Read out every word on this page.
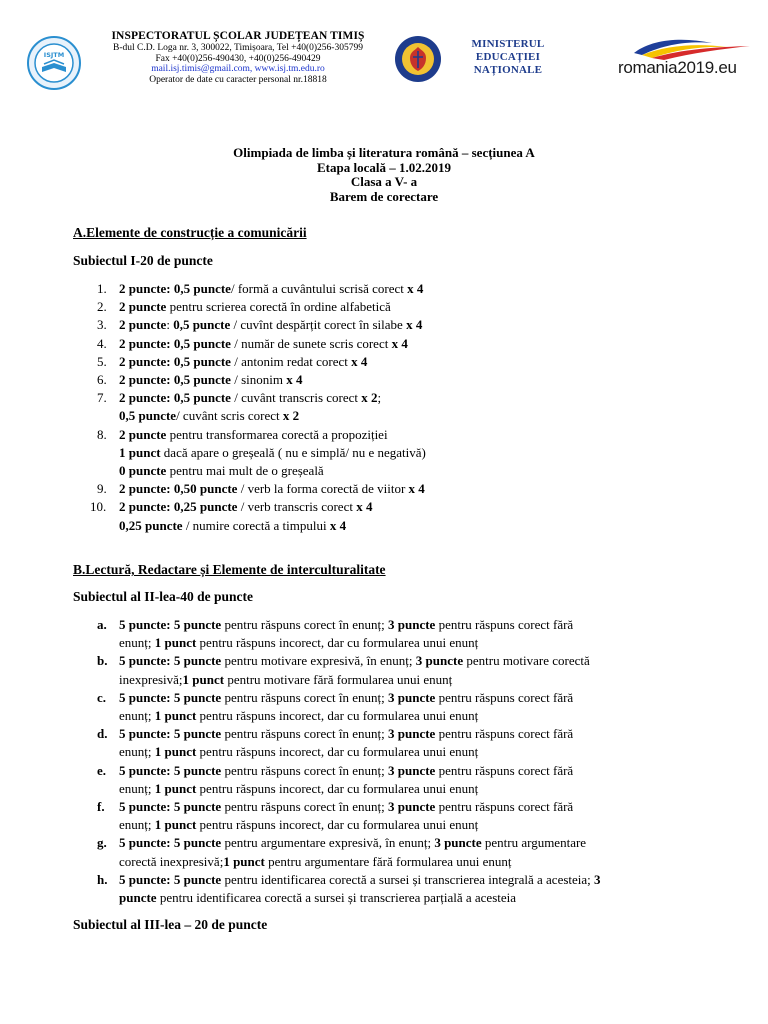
ISJTM
INSPECTORATUL ȘCOLAR JUDEȚEAN TIMIȘ
B-dul C.D. Loga nr. 3, 300022, Timișoara, Tel +40(0)256-305799
Fax +40(0)256-490430, +40(0)256-490429
mail.isj.timis@gmail.com, www.isj.tm.edu.ro
Operator de date cu caracter personal nr.18818
MINISTERUL EDUCAȚIEI
NAȚIONALE	romania2019.eu
Olimpiada de limba și literatura română – secțiunea A
Etapa locală – 1.02.2019
Clasa a V- a
Barem de corectare
A.Elemente de construcție a comunicării
Subiectul I-20 de puncte
1. 2 puncte: 0,5 puncte/ formă a cuvântului scrisă corect x 4
2. 2 puncte pentru scrierea corectă în ordine alfabetică
3. 2 puncte: 0,5 puncte / cuvînt despărțit corect în silabe x 4
4. 2 puncte: 0,5 puncte / număr de sunete scris corect x 4
5. 2 puncte: 0,5 puncte / antonim redat corect x 4
6. 2 puncte: 0,5 puncte / sinonim x 4
7. 2 puncte: 0,5 puncte / cuvânt transcris corect x 2;
0,5 puncte/ cuvânt scris corect x 2
8. 2 puncte pentru transformarea corectă a propoziției
1 punct dacă apare o greșeală ( nu e simplă/ nu e negativă)
0 puncte pentru mai mult de o greșeală
9. 2 puncte: 0,50 puncte / verb la forma corectă de viitor x 4
10. 2 puncte: 0,25 puncte / verb transcris corect x 4
0,25 puncte / numire corectă a timpului x 4
B.Lectură, Redactare și Elemente de interculturalitate
Subiectul al II-lea-40 de puncte
a. 5 puncte: 5 puncte pentru răspuns corect în enunț; 3 puncte pentru răspuns corect fără
enunț; 1 punct pentru răspuns incorect, dar cu formularea unui enunț
b. 5 puncte: 5 puncte pentru motivare expresivă, în enunț; 3 puncte pentru motivare corectă
inexpresivă;1 punct pentru motivare fără formularea unui enunț
c. 5 puncte: 5 puncte pentru răspuns corect în enunț; 3 puncte pentru răspuns corect fără
enunț; 1 punct pentru răspuns incorect, dar cu formularea unui enunț
d. 5 puncte: 5 puncte pentru răspuns corect în enunț; 3 puncte pentru răspuns corect fără
enunț; 1 punct pentru răspuns incorect, dar cu formularea unui enunț
e. 5 puncte: 5 puncte pentru răspuns corect în enunț; 3 puncte pentru răspuns corect fără
enunț; 1 punct pentru răspuns incorect, dar cu formularea unui enunț
f. 5 puncte: 5 puncte pentru răspuns corect în enunț; 3 puncte pentru răspuns corect fără
enunț; 1 punct pentru răspuns incorect, dar cu formularea unui enunț
g. 5 puncte: 5 puncte pentru argumentare expresivă, în enunț; 3 puncte pentru argumentare
corectă inexpresivă;1 punct pentru argumentare fără formularea unui enunț
h. 5 puncte: 5 puncte pentru identificarea corectă a sursei și transcrierea integrală a acesteia; 3
puncte pentru identificarea corectă a sursei și transcrierea parțială a acesteia
Subiectul al III-lea – 20 de puncte
